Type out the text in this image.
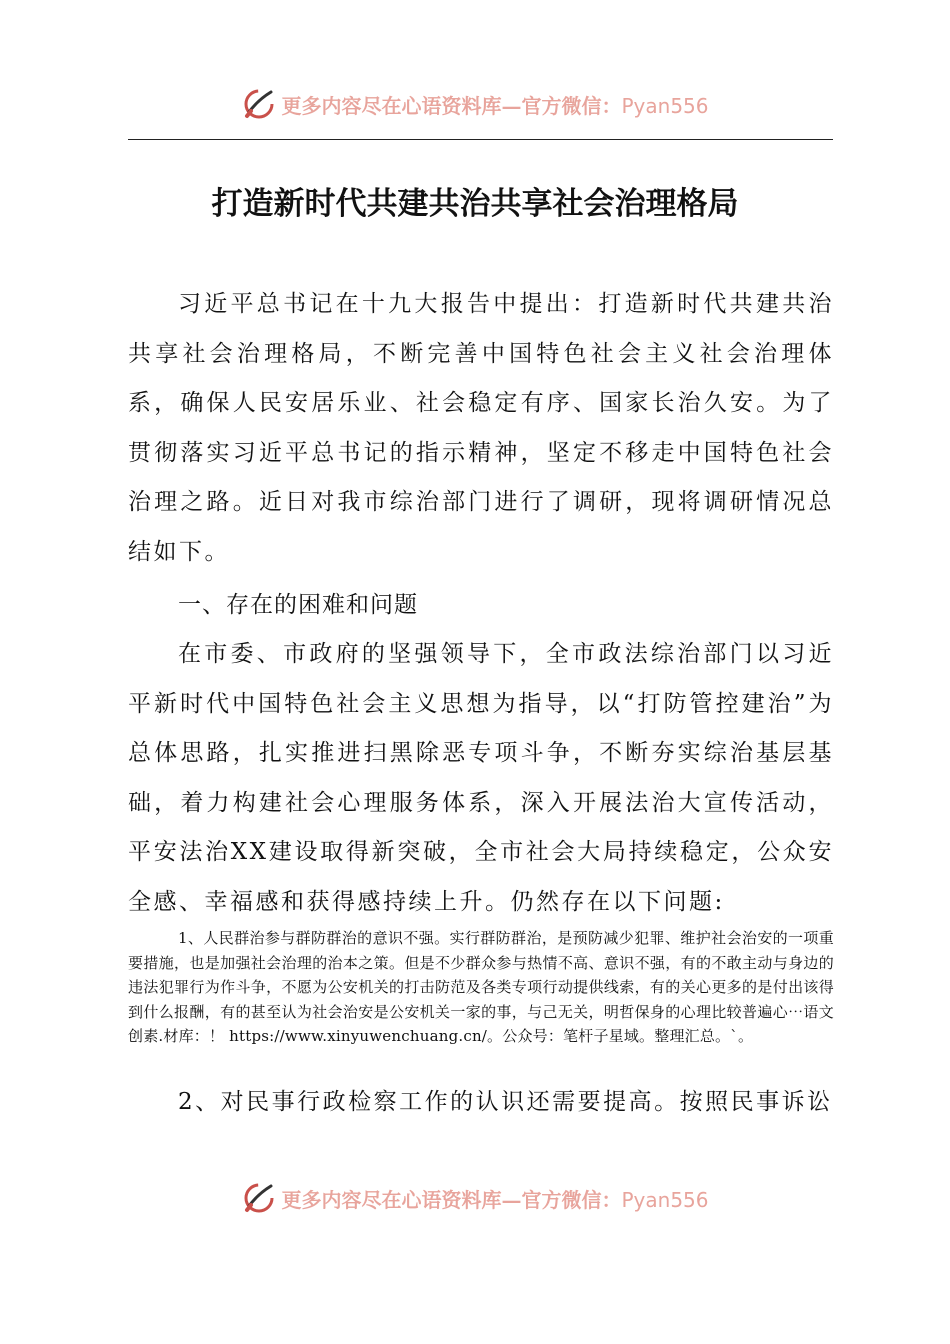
更多内容尽在心语资料库—官方微信：Pyan556
打造新时代共建共治共享社会治理格局

习近平总书记在十九大报告中提出：打造新时代共建共治共享社会治理格局，不断完善中国特色社会主义社会治理体系，确保人民安居乐业、社会稳定有序、国家长治久安。为了贯彻落实习近平总书记的指示精神，坚定不移走中国特色社会治理之路。近日对我市综治部门进行了调研，现将调研情况总结如下。

一、存在的困难和问题

在市委、市政府的坚强领导下，全市政法综治部门以习近平新时代中国特色社会主义思想为指导，以“打防管控建治”为总体思路，扎实推进扫黑除恶专项斗争，不断夯实综治基层基础，着力构建社会心理服务体系，深入开展法治大宣传活动，平安法治XX建设取得新突破，全市社会大局持续稳定，公众安全感、幸福感和获得感持续上升。仍然存在以下问题:

1、人民群治参与群防群治的意识不强。实行群防群治，是预防减少犯罪、维护社会治安的一项重要措施，也是加强社会治理的治本之策。但是不少群众参与热情不高、意识不强，有的不敢主动与身边的违法犯罪行为作斗争，不愿为公安机关的打击防范及各类专项行动提供线索，有的关心更多的是付出该得到什么报酬，有的甚至认为社会治安是公安机关一家的事，与己无关，明哲保身的心理比较普遍心⋯语文创素.材库：！ https://www.xinyuwenchuang.cn/。公众号：笔杆子星域。整理汇总。`。

2、对民事行政检察工作的认识还需要提高。按照民事诉讼

更多内容尽在心语资料库—官方微信：Pyan556
